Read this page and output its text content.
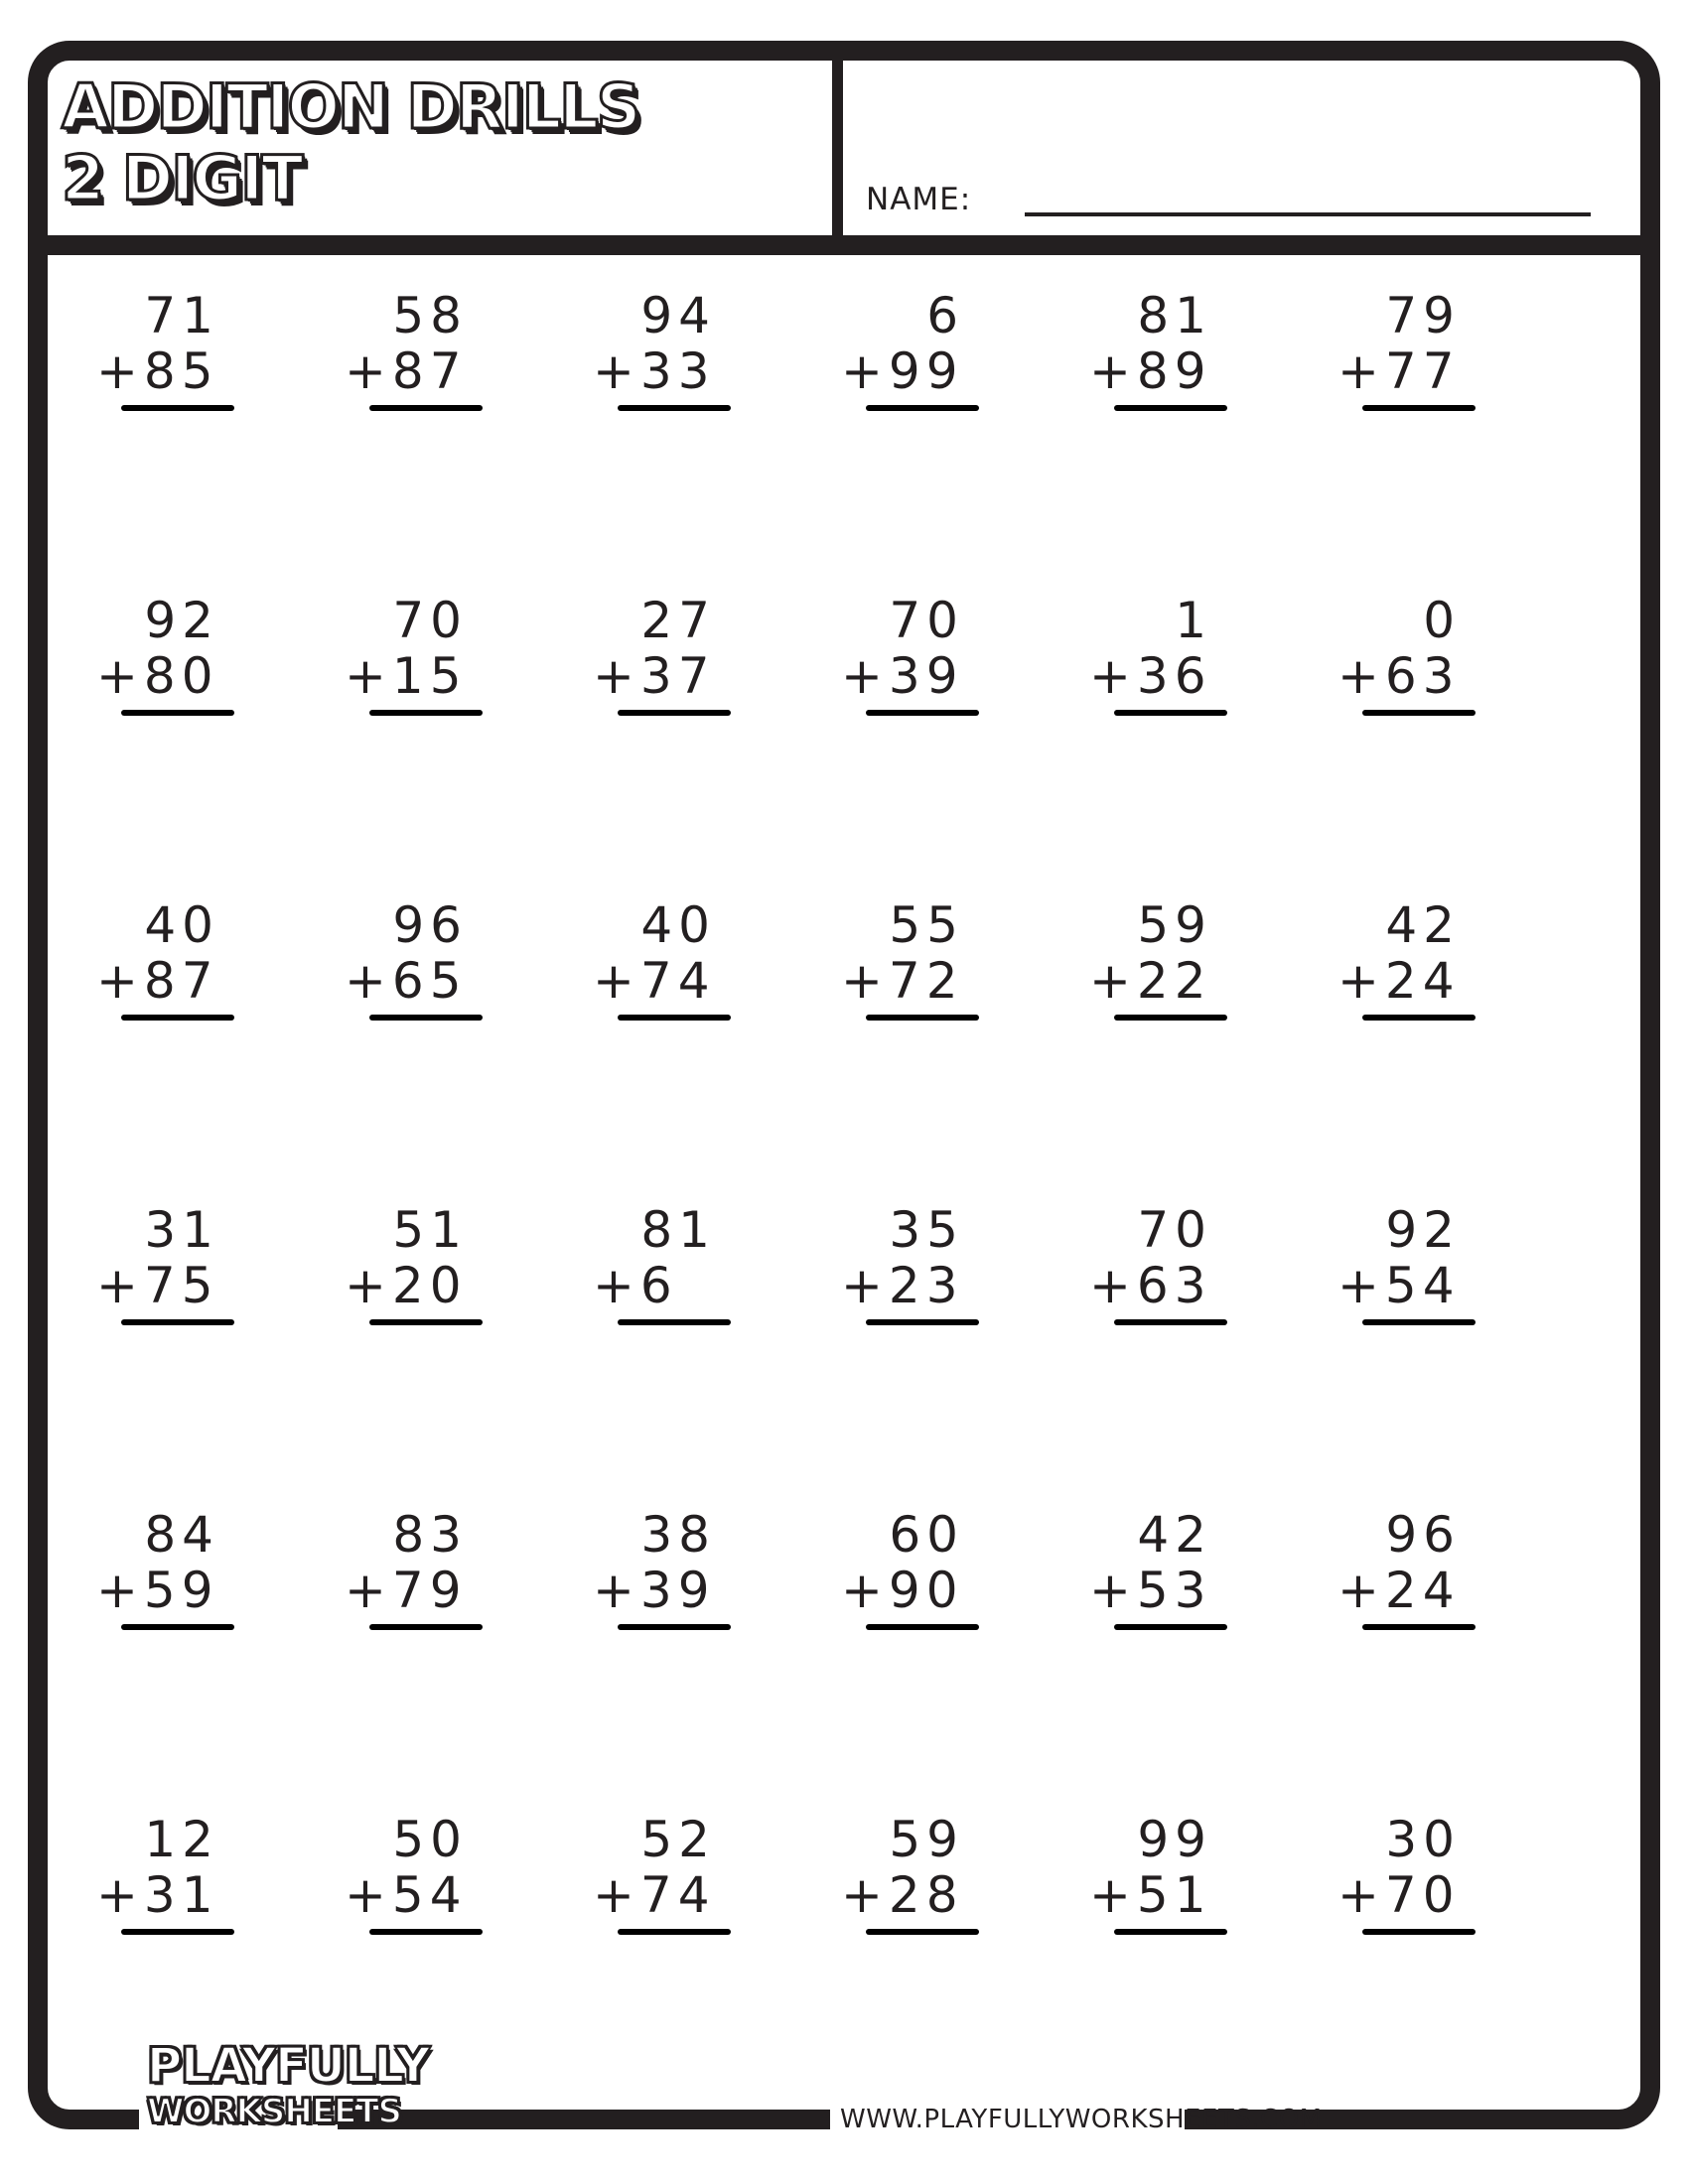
ADDITION DRILLS
2 DIGIT	NAME:
71
+85
58
+87
94
+33
6
+99
81
+89
79
+77
92
+80
70
+15
27
+37
70
+39
1
+36
0
+63
40
+87
96
+65
40
+74
55
+72
59
+22
42
+24
31
+75
51
+20
81
+6
35
+23
70
+63
92
+54
84
+59
83
+79
38
+39
60
+90
42
+53
96
+24
12
+31
50
+54
52
+74
59
+28
99
+51
30
+70
PLAYFULLY
WORKSHEETS	WWW.PLAYFULLYWORKSHEETS.COM
